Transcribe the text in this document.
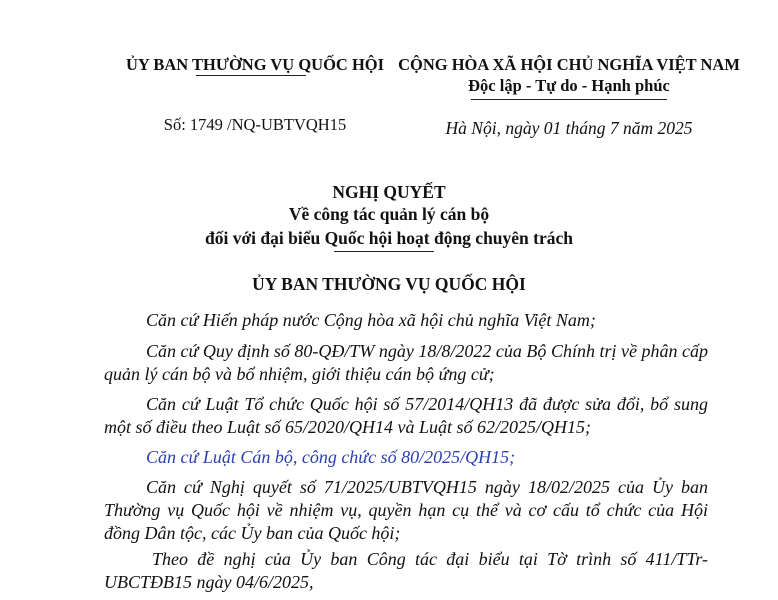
ỦY BAN THƯỜNG VỤ QUỐC HỘI CỘNG HÒA XÃ HỘI CHỦ NGHĨA VIỆT NAM
Độc lập - Tự do - Hạnh phúc
Số: 1749 /NQ-UBTVQH15	Hà Nội, ngày 01 tháng 7 năm 2025
NGHỊ QUYẾT
Về công tác quản lý cán bộ
đối với đại biểu Quốc hội hoạt động chuyên trách
ỦY BAN THƯỜNG VỤ QUỐC HỘI
Căn cứ Hiến pháp nước Cộng hòa xã hội chủ nghĩa Việt Nam;
Căn cứ Quy định số 80-QĐ/TW ngày 18/8/2022 của Bộ Chính trị về phân cấp quản lý cán bộ và bổ nhiệm, giới thiệu cán bộ ứng cử;
Căn cứ Luật Tổ chức Quốc hội số 57/2014/QH13 đã được sửa đổi, bổ sung một số điều theo Luật số 65/2020/QH14 và Luật số 62/2025/QH15;
Căn cứ Luật Cán bộ, công chức số 80/2025/QH15;
Căn cứ Nghị quyết số 71/2025/UBTVQH15 ngày 18/02/2025 của Ủy ban Thường vụ Quốc hội về nhiệm vụ, quyền hạn cụ thể và cơ cấu tổ chức của Hội đồng Dân tộc, các Ủy ban của Quốc hội;
Theo đề nghị của Ủy ban Công tác đại biểu tại Tờ trình số 411/TTr-UBCTĐB15 ngày 04/6/2025,
